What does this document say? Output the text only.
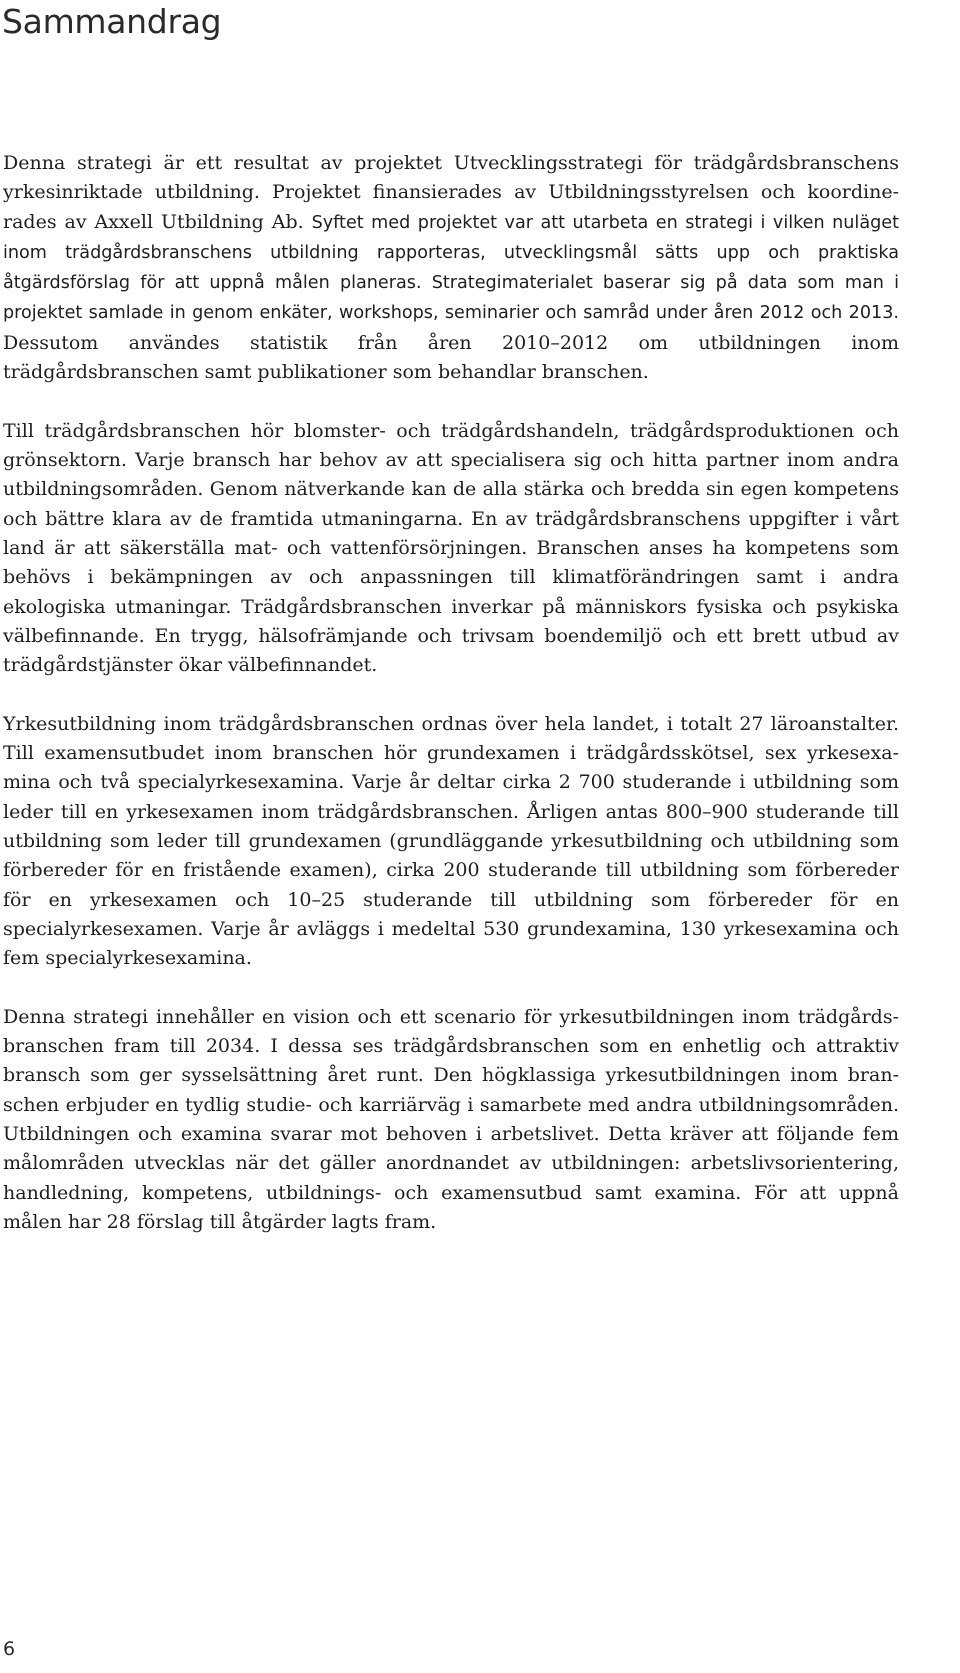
Sammandrag

Denna strategi är ett resultat av projektet Utvecklingsstrategi för trädgårdsbranschens yrkesinriktade utbildning. Projektet finansierades av Utbildningsstyrelsen och koordinerades av Axxell Utbildning Ab. Syftet med projektet var att utarbeta en strategi i vilken nuläget inom trädgårdsbranschens utbildning rapporteras, utvecklingsmål sätts upp och praktiska åtgärdsförslag för att uppnå målen planeras. Strategimaterialet baserar sig på data som man i projektet samlade in genom enkäter, workshops, seminarier och samråd under åren 2012 och 2013. Dessutom användes statistik från åren 2010–2012 om utbildningen inom trädgårdsbranschen samt publikationer som behandlar branschen.

Till trädgårdsbranschen hör blomster- och trädgårdshandeln, trädgårdsproduktionen och grönsektorn. Varje bransch har behov av att specialisera sig och hitta partner inom andra utbildningsområden. Genom nätverkande kan de alla stärka och bredda sin egen kompetens och bättre klara av de framtida utmaningarna. En av trädgårdsbranschens uppgifter i vårt land är att säkerställa mat- och vattenförsörjningen. Branschen anses ha kompetens som behövs i bekämpningen av och anpassningen till klimatförändringen samt i andra ekologiska utmaningar. Trädgårdsbranschen inverkar på människors fysiska och psykiska välbefinnande. En trygg, hälsofrämjande och trivsam boendemiljö och ett brett utbud av trädgårdstjänster ökar välbefinnandet.

Yrkesutbildning inom trädgårdsbranschen ordnas över hela landet, i totalt 27 läroanstalter. Till examensutbudet inom branschen hör grundexamen i trädgårdsskötsel, sex yrkesexamina och två specialyrkesexamina. Varje år deltar cirka 2 700 studerande i utbildning som leder till en yrkesexamen inom trädgårdsbranschen. Årligen antas 800–900 studerande till utbildning som leder till grundexamen (grundläggande yrkesutbildning och utbildning som förbereder för en fristående examen), cirka 200 studerande till utbildning som förbereder för en yrkesexamen och 10–25 studerande till utbildning som förbereder för en specialyrkesexamen. Varje år avläggs i medeltal 530 grundexamina, 130 yrkesexamina och fem specialyrkesexamina.

Denna strategi innehåller en vision och ett scenario för yrkesutbildningen inom trädgårdsbranschen fram till 2034. I dessa ses trädgårdsbranschen som en enhetlig och attraktiv bransch som ger sysselsättning året runt. Den högklassiga yrkesutbildningen inom branschen erbjuder en tydlig studie- och karriärväg i samarbete med andra utbildningsområden. Utbildningen och examina svarar mot behoven i arbetslivet. Detta kräver att följande fem målområden utvecklas när det gäller anordnandet av utbildningen: arbetslivsorientering, handledning, kompetens, utbildnings- och examensutbud samt examina. För att uppnå målen har 28 förslag till åtgärder lagts fram.

6
